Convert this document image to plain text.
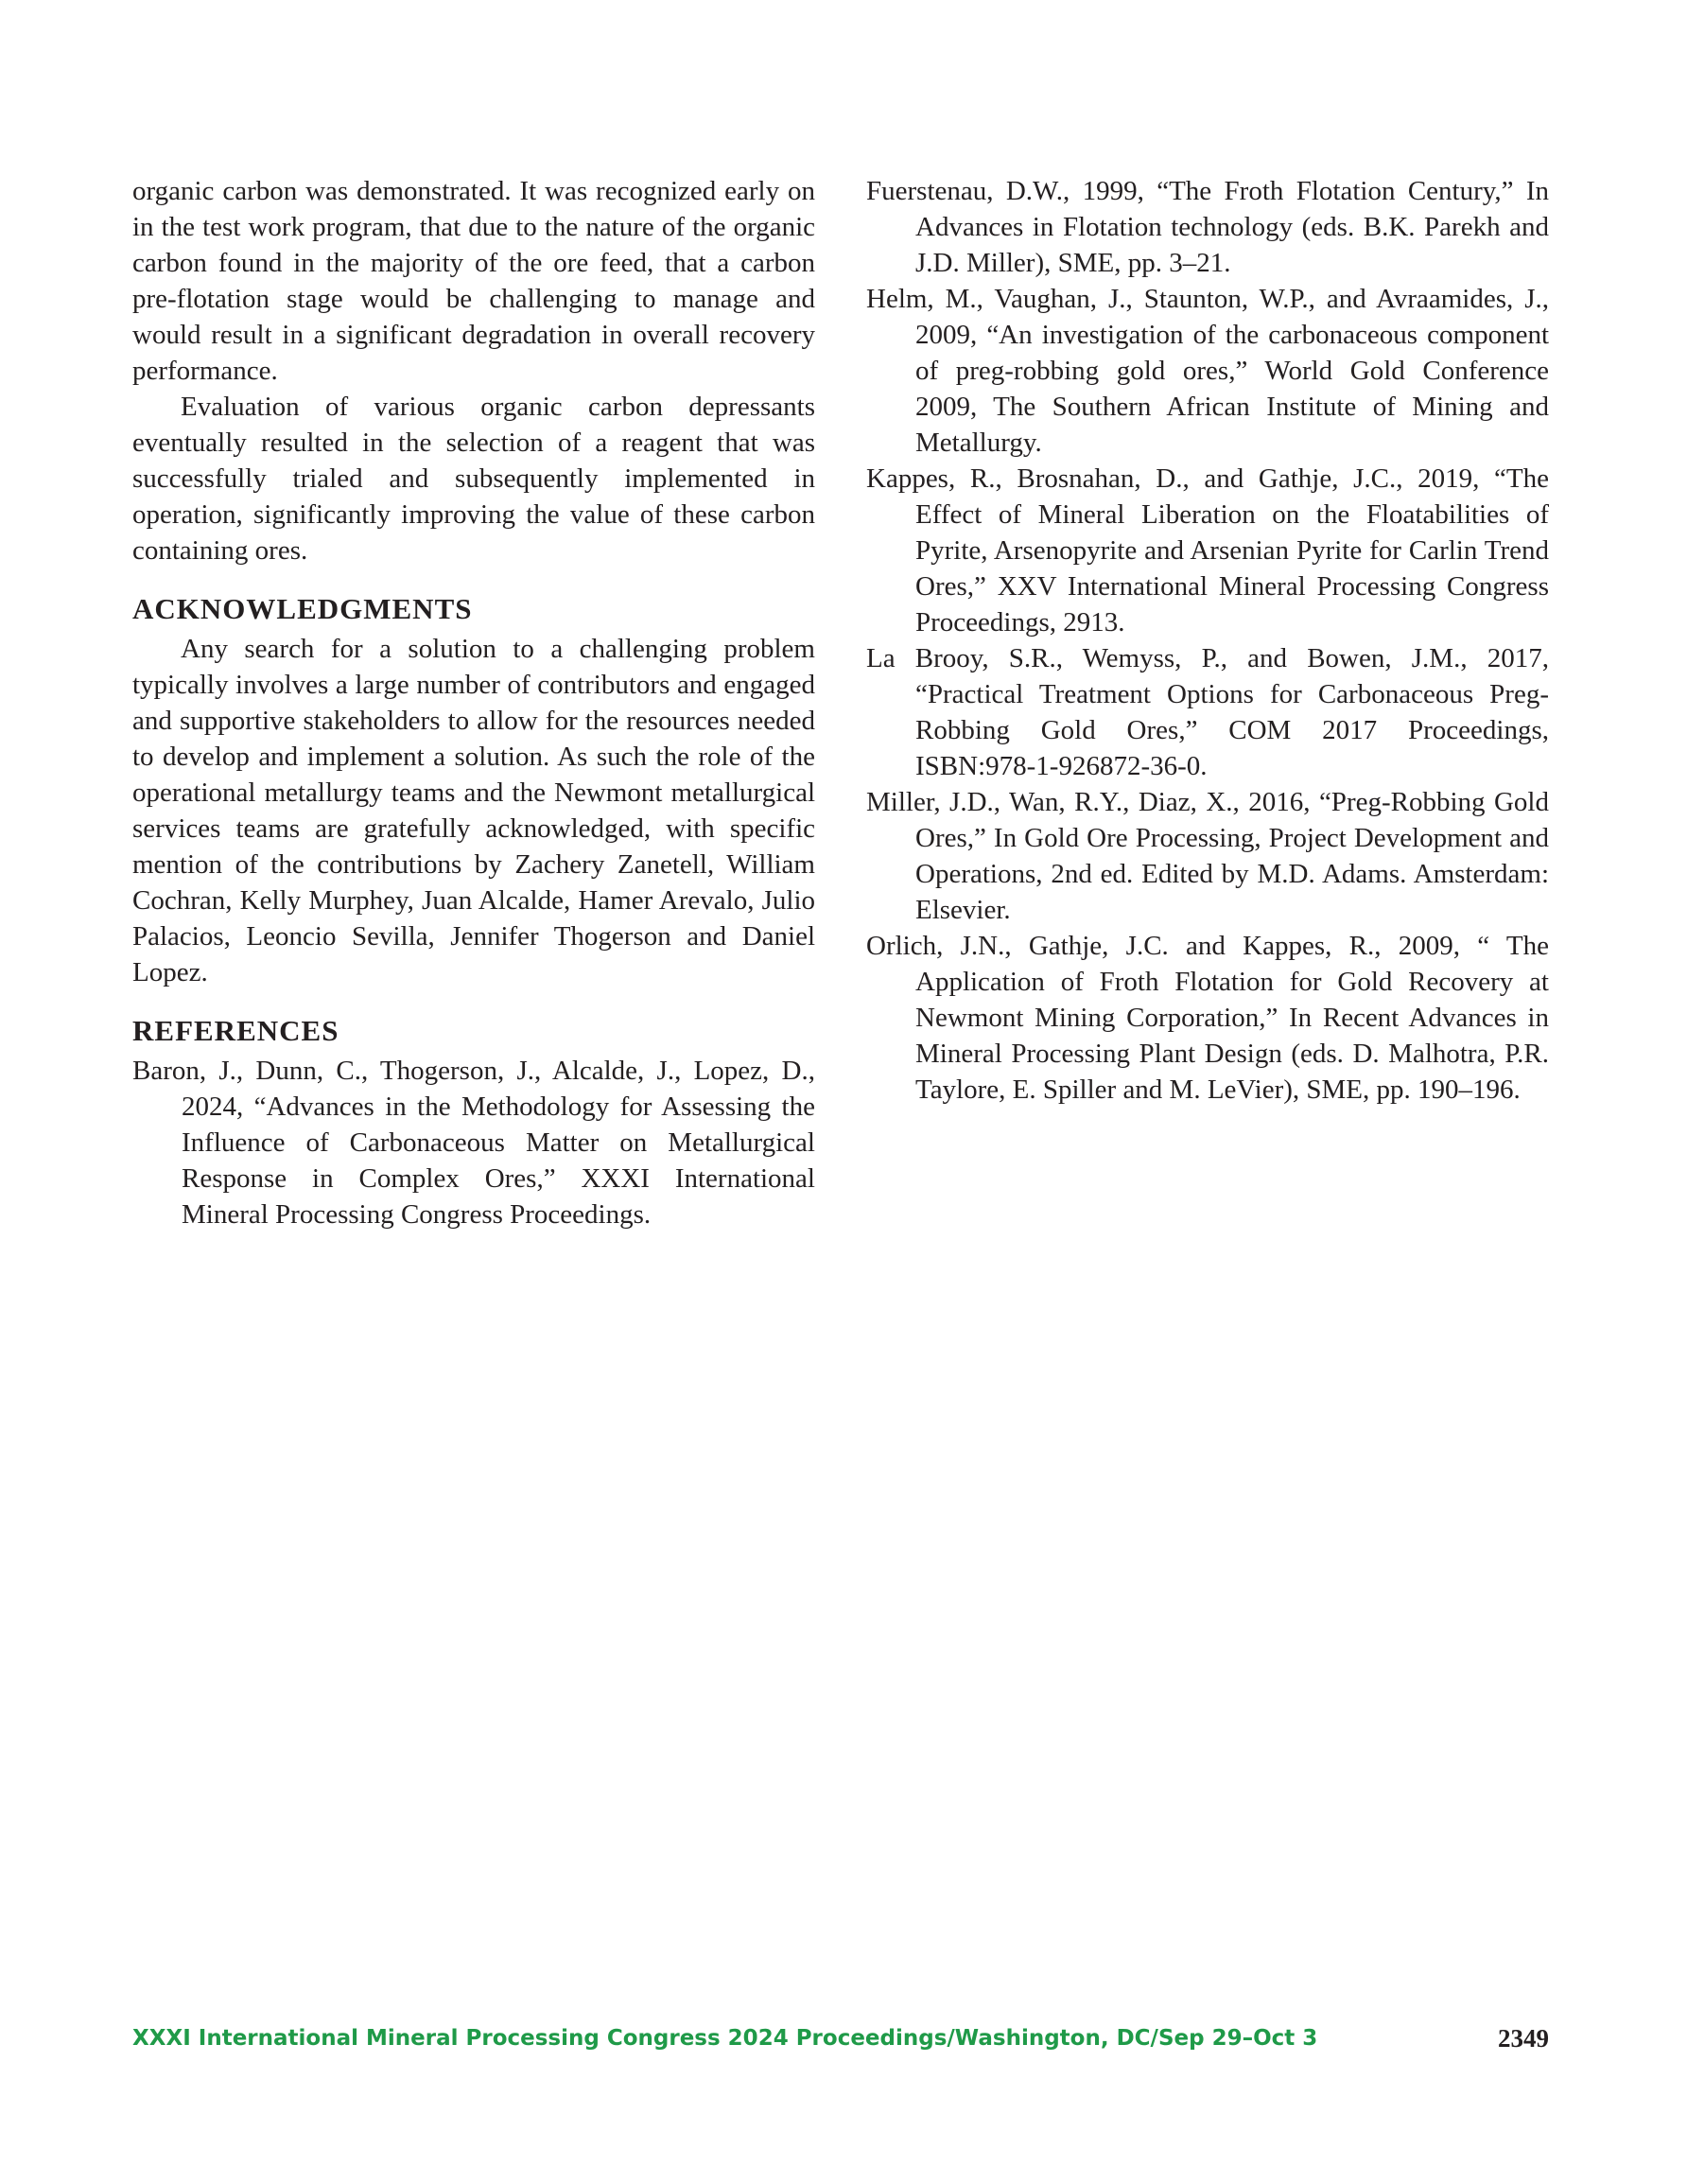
organic carbon was demonstrated. It was recognized early on in the test work program, that due to the nature of the organic carbon found in the majority of the ore feed, that a carbon pre-flotation stage would be challenging to manage and would result in a significant degradation in overall recovery performance.

Evaluation of various organic carbon depressants eventually resulted in the selection of a reagent that was successfully trialed and subsequently implemented in operation, significantly improving the value of these carbon containing ores.

ACKNOWLEDGMENTS

Any search for a solution to a challenging problem typically involves a large number of contributors and engaged and supportive stakeholders to allow for the resources needed to develop and implement a solution. As such the role of the operational metallurgy teams and the Newmont metallurgical services teams are gratefully acknowledged, with specific mention of the contributions by Zachery Zanetell, William Cochran, Kelly Murphey, Juan Alcalde, Hamer Arevalo, Julio Palacios, Leoncio Sevilla, Jennifer Thogerson and Daniel Lopez.

REFERENCES

Baron, J., Dunn, C., Thogerson, J., Alcalde, J., Lopez, D., 2024, “Advances in the Methodology for Assessing the Influence of Carbonaceous Matter on Metallurgical Response in Complex Ores,” XXXI International Mineral Processing Congress Proceedings.

Fuerstenau, D.W., 1999, “The Froth Flotation Century,” In Advances in Flotation technology (eds. B.K. Parekh and J.D. Miller), SME, pp. 3–21.

Helm, M., Vaughan, J., Staunton, W.P., and Avraamides, J., 2009, “An investigation of the carbonaceous component of preg-robbing gold ores,” World Gold Conference 2009, The Southern African Institute of Mining and Metallurgy.

Kappes, R., Brosnahan, D., and Gathje, J.C., 2019, “The Effect of Mineral Liberation on the Floatabilities of Pyrite, Arsenopyrite and Arsenian Pyrite for Carlin Trend Ores,” XXV International Mineral Processing Congress Proceedings, 2913.

La Brooy, S.R., Wemyss, P., and Bowen, J.M., 2017, “Practical Treatment Options for Carbonaceous Preg-Robbing Gold Ores,” COM 2017 Proceedings, ISBN:978-1-926872-36-0.

Miller, J.D., Wan, R.Y., Diaz, X., 2016, “Preg-Robbing Gold Ores,” In Gold Ore Processing, Project Development and Operations, 2nd ed. Edited by M.D. Adams. Amsterdam: Elsevier.

Orlich, J.N., Gathje, J.C. and Kappes, R., 2009, “ The Application of Froth Flotation for Gold Recovery at Newmont Mining Corporation,” In Recent Advances in Mineral Processing Plant Design (eds. D. Malhotra, P.R. Taylore, E. Spiller and M. LeVier), SME, pp. 190–196.

XXXI International Mineral Processing Congress 2024 Proceedings/Washington, DC/Sep 29–Oct 3	2349
